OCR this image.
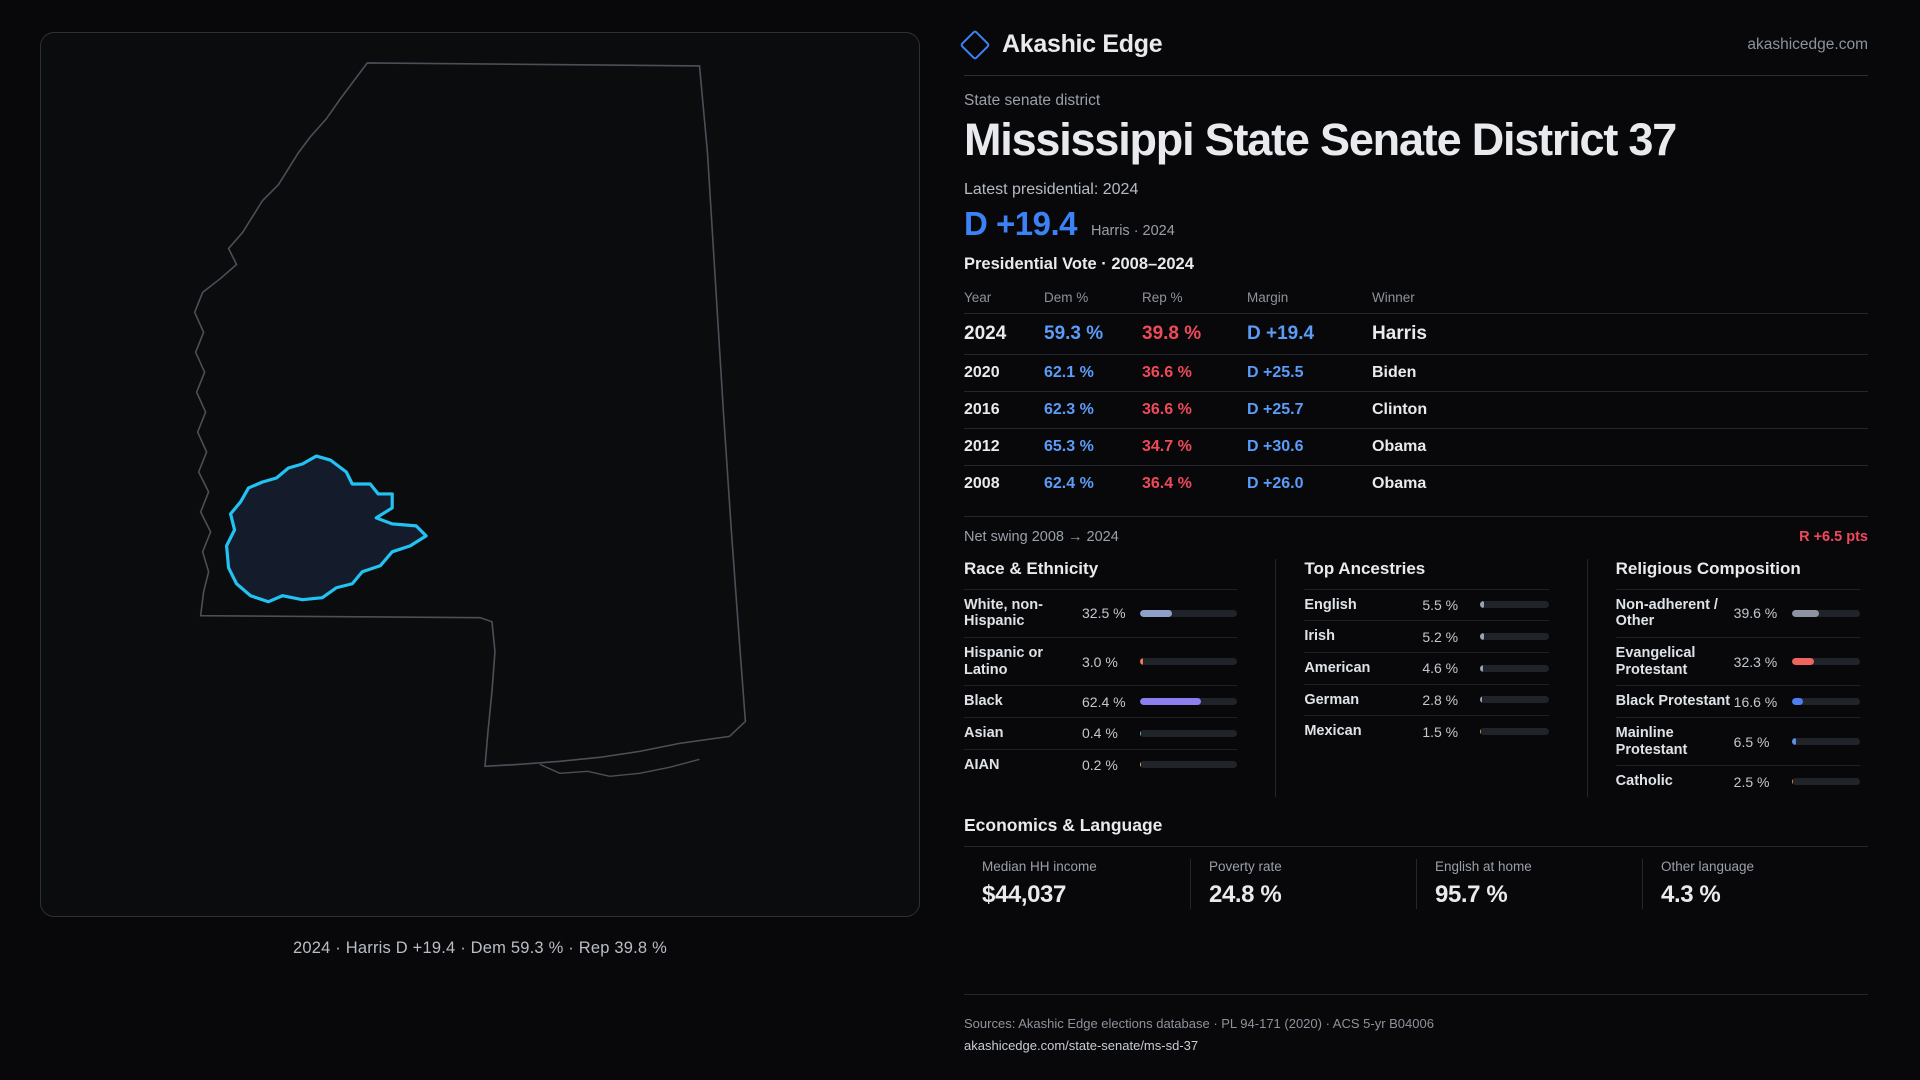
2024 · Harris D +19.4 · Dem 59.3 % · Rep 39.8 %
Akashic Edge	akashicedge.com
State senate district
Mississippi State Senate District 37
Latest presidential: 2024
D +19.4 Harris · 2024
Presidential Vote · 2008–2024
Year	Dem %	Rep %	Margin	Winner
2024	59.3 %	39.8 %	D +19.4	Harris
2020	62.1 %	36.6 %	D +25.5	Biden
2016	62.3 %	36.6 %	D +25.7	Clinton
2012	65.3 %	34.7 %	D +30.6	Obama
2008	62.4 %	36.4 %	D +26.0	Obama
Net swing 2008 → 2024	R +6.5 pts
Race & Ethnicity
White, non-Hispanic	32.5 %
Hispanic or Latino	3.0 %
Black	62.4 %
Asian	0.4 %
AIAN	0.2 %
Top Ancestries
English	5.5 %
Irish	5.2 %
American	4.6 %
German	2.8 %
Mexican	1.5 %
Religious Composition
Non-adherent / Other	39.6 %
Evangelical Protestant	32.3 %
Black Protestant 16.6 %
Mainline Protestant	6.5 %
Catholic	2.5 %
Economics & Language
Median HH income
$44,037
Poverty rate
24.8 %
English at home
95.7 %
Other language
4.3 %
Sources: Akashic Edge elections database · PL 94-171 (2020) · ACS 5-yr B04006
akashicedge.com/state-senate/ms-sd-37
